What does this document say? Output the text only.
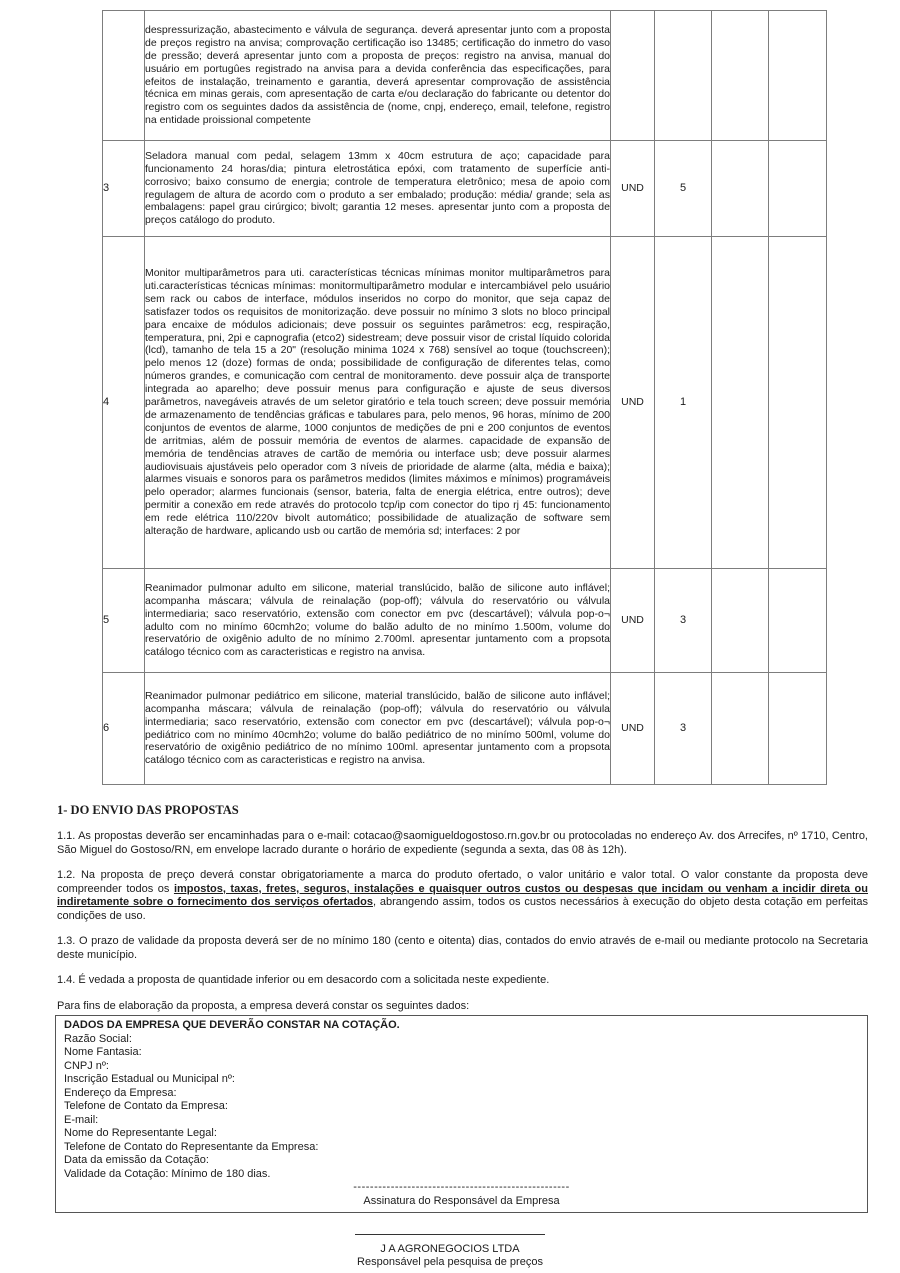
	despressurização, abastecimento e válvula de segurança. deverá apresentar junto com a proposta de preços registro na anvisa; comprovação certificação iso 13485; certificação do inmetro do vaso de pressão; deverá apresentar junto com a proposta de preços: registro na anvisa, manual do usuário em portugûes registrado na anvisa para a devida conferência das especificações, para efeitos de instalação, treinamento e garantia, deverá apresentar comprovação de assistência técnica em minas gerais, com apresentação de carta e/ou declaração do fabricante ou detentor do registro com os seguintes dados da assistência de (nome, cnpj, endereço, email, telefone, registro na entidade proissional competente				
3	Seladora manual com pedal, selagem 13mm x 40cm estrutura de aço; capacidade para funcionamento 24 horas/dia; pintura eletrostática epóxi, com tratamento de superfície anti-corrosivo; baixo consumo de energia; controle de temperatura eletrônico; mesa de apoio com regulagem de altura de acordo com o produto a ser embalado; produção: média/ grande; sela as embalagens: papel grau cirúrgico; bivolt; garantia 12 meses. apresentar junto com a proposta de preços catálogo do produto.	UND	5		
4	Monitor multiparâmetros para uti. características técnicas mínimas monitor multiparâmetros para uti.características técnicas mínimas: monitormultiparâmetro modular e intercambiável pelo usuário sem rack ou cabos de interface, módulos inseridos no corpo do monitor, que seja capaz de satisfazer todos os requisitos de monitorização. deve possuir no mínimo 3 slots no bloco principal para encaixe de módulos adicionais; deve possuir os seguintes parâmetros: ecg, respiração, temperatura, pni, 2pi e capnografia (etco2) sidestream; deve possuir visor de cristal líquido colorida (lcd), tamanho de tela 15 a 20" (resolução minima 1024 x 768) sensível ao toque (touchscreen); pelo menos 12 (doze) formas de onda; possibilidade de configuração de diferentes telas, como números grandes, e comunicação com central de monitoramento. deve possuir alça de transporte integrada ao aparelho; deve possuir menus para configuração e ajuste de seus diversos parâmetros, navegáveis através de um seletor giratório e tela touch screen; deve possuir memória de armazenamento de tendências gráficas e tabulares para, pelo menos, 96 horas, mínimo de 200 conjuntos de eventos de alarme, 1000 conjuntos de medições de pni e 200 conjuntos de eventos de arritmias, além de possuir memória de eventos de alarmes. capacidade de expansão de memória de tendências atraves de cartão de memória ou interface usb; deve possuir alarmes audiovisuais ajustáveis pelo operador com 3 níveis de prioridade de alarme (alta, média e baixa); alarmes visuais e sonoros para os parâmetros medidos (limites máximos e mínimos) programáveis pelo operador; alarmes funcionais (sensor, bateria, falta de energia elétrica, entre outros); deve permitir a conexão em rede através do protocolo tcp/ip com conector do tipo rj 45: funcionamento em rede elétrica 110/220v bivolt automático; possibilidade de atualização de software sem alteração de hardware, aplicando usb ou cartão de memória sd; interfaces: 2 por	UND	1		
5	Reanimador pulmonar adulto em silicone, material translúcido, balão de silicone auto inflável; acompanha máscara; válvula de reinalação (pop-off); válvula do reservatório ou válvula intermediaria; saco reservatório, extensão com conector em pvc (descartável); válvula pop-o¬ adulto com no minímo 60cmh2o; volume do balão adulto de no minímo 1.500m, volume do reservatório de oxigênio adulto de no mínimo 2.700ml. apresentar juntamento com a propsota catálogo técnico com as caracteristicas e registro na anvisa.	UND	3		
6	Reanimador pulmonar pediátrico em silicone, material translúcido, balão de silicone auto inflável; acompanha máscara; válvula de reinalação (pop-off); válvula do reservatório ou válvula intermediaria; saco reservatório, extensão com conector em pvc (descartável); válvula pop-o¬ pediátrico com no minímo 40cmh2o; volume do balão pediátrico de no minímo 500ml, volume do reservatório de oxigênio pediátrico de no mínimo 100ml. apresentar juntamento com a propsota catálogo técnico com as caracteristicas e registro na anvisa.	UND	3		
1- DO ENVIO DAS PROPOSTAS
1.1. As propostas deverão ser encaminhadas para o e-mail: cotacao@saomigueldogostoso.rn.gov.br ou protocoladas no endereço Av. dos Arrecifes, nº 1710, Centro, São Miguel do Gostoso/RN, em envelope lacrado durante o horário de expediente (segunda a sexta, das 08 às 12h).
1.2. Na proposta de preço deverá constar obrigatoriamente a marca do produto ofertado, o valor unitário e valor total. O valor constante da proposta deve compreender todos os impostos, taxas, fretes, seguros, instalações e quaisquer outros custos ou despesas que incidam ou venham a incidir direta ou indiretamente sobre o fornecimento dos serviços ofertados, abrangendo assim, todos os custos necessários à execução do objeto desta cotação em perfeitas condições de uso.
1.3. O prazo de validade da proposta deverá ser de no mínimo 180 (cento e oitenta) dias, contados do envio através de e-mail ou mediante protocolo na Secretaria deste município.
1.4. É vedada a proposta de quantidade inferior ou em desacordo com a solicitada neste expediente.
Para fins de elaboração da proposta, a empresa deverá constar os seguintes dados:
DADOS DA EMPRESA QUE DEVERÃO CONSTAR NA COTAÇÃO.
Razão Social:
Nome Fantasia:
CNPJ nº:
Inscrição Estadual ou Municipal nº:
Endereço da Empresa:
Telefone de Contato da Empresa:
E-mail:
Nome do Representante Legal:
Telefone de Contato do Representante da Empresa:
Data da emissão da Cotação:
Validade da Cotação: Mínimo de 180 dias.
----------------------------------------------------
Assinatura do Responsável da Empresa
J A AGRONEGOCIOS LTDA
Responsável pela pesquisa de preços
